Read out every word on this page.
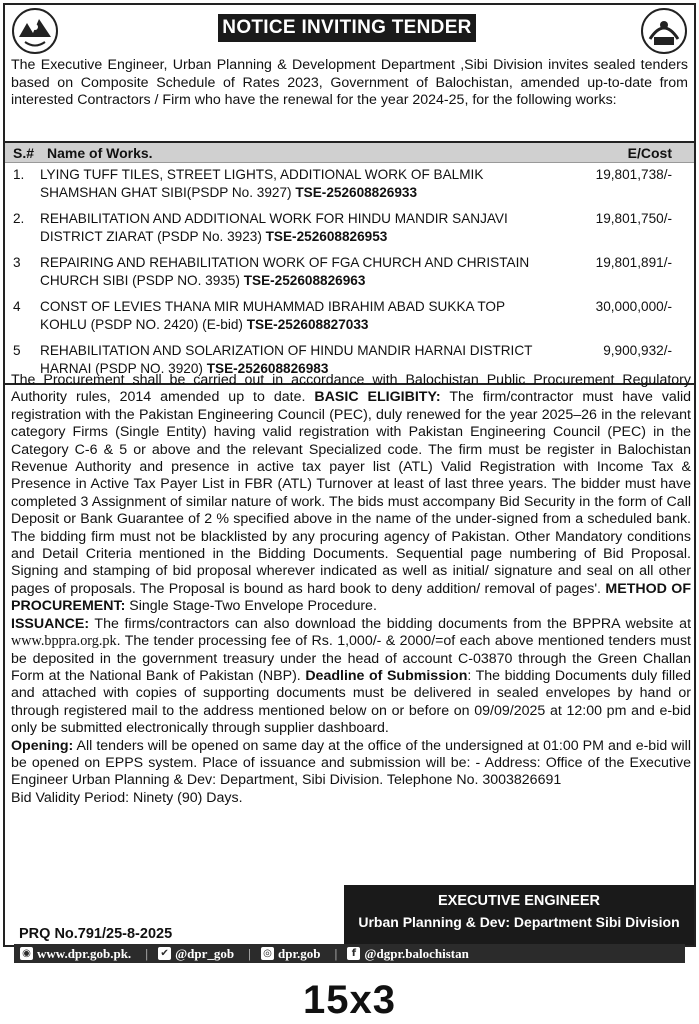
NOTICE INVITING TENDER
The Executive Engineer, Urban Planning & Development Department ,Sibi Division invites sealed tenders based on Composite Schedule of Rates 2023, Government of Balochistan, amended up-to-date from interested Contractors / Firm who have the renewal for the year 2024-25, for the following works:
S.# Name of Works.	E/Cost
1. LYING TUFF TILES, STREET LIGHTS, ADDITIONAL WORK OF BALMIK SHAMSHAN GHAT SIBI(PSDP No. 3927) TSE-252608826933
19,801,738/-
2. REHABILITATION AND ADDITIONAL WORK FOR HINDU MANDIR SANJAVI DISTRICT ZIARAT (PSDP No. 3923) TSE-252608826953
19,801,750/-
3 REPAIRING AND REHABILITATION WORK OF FGA CHURCH AND CHRISTAIN CHURCH SIBI (PSDP NO. 3935) TSE-252608826963
19,801,891/-
4 CONST OF LEVIES THANA MIR MUHAMMAD IBRAHIM ABAD SUKKA TOP KOHLU (PSDP NO. 2420) (E-bid) TSE-252608827033
30,000,000/-
5 REHABILITATION AND SOLARIZATION OF HINDU MANDIR HARNAI DISTRICT HARNAI (PSDP NO. 3920) TSE-252608826983
9,900,932/-
The Procurement shall be carried out in accordance with Balochistan Public Procurement Regulatory Authority rules, 2014 amended up to date. BASIC ELIGIBITY: The firm/contractor must have valid registration with the Pakistan Engineering Council (PEC), duly renewed for the year 2025–26 in the relevant category Firms (Single Entity) having valid registration with Pakistan Engineering Council (PEC) in the Category C-6 & 5 or above and the relevant Specialized code. The firm must be register in Balochistan Revenue Authority and presence in active tax payer list (ATL) Valid Registration with Income Tax & Presence in Active Tax Payer List in FBR (ATL) Turnover at least of last three years. The bidder must have completed 3 Assignment of similar nature of work. The bids must accompany Bid Security in the form of Call Deposit or Bank Guarantee of 2 % specified above in the name of the under-signed from a scheduled bank. The bidding firm must not be blacklisted by any procuring agency of Pakistan. Other Mandatory conditions and Detail Criteria mentioned in the Bidding Documents. Sequential page numbering of Bid Proposal. Signing and stamping of bid proposal wherever indicated as well as initial/ signature and seal on all other pages of proposals. The Proposal is bound as hard book to deny addition/ removal of pages'. METHOD OF PROCUREMENT: Single Stage-Two Envelope Procedure.
ISSUANCE: The firms/contractors can also download the bidding documents from the BPPRA website at www.bppra.org.pk. The tender processing fee of Rs. 1,000/- & 2000/=of each above mentioned tenders must be deposited in the government treasury under the head of account C-03870 through the Green Challan Form at the National Bank of Pakistan (NBP). Deadline of Submission: The bidding Documents duly filled and attached with copies of supporting documents must be delivered in sealed envelopes by hand or through registered mail to the address mentioned below on or before on 09/09/2025 at 12:00 pm and e-bid only be submitted electronically through supplier dashboard.
Opening: All tenders will be opened on same day at the office of the undersigned at 01:00 PM and e-bid will be opened on EPPS system. Place of issuance and submission will be: - Address: Office of the Executive Engineer Urban Planning & Dev: Department, Sibi Division. Telephone No. 3003826691
Bid Validity Period: Ninety (90) Days.
EXECUTIVE ENGINEER
Urban Planning & Dev: Department Sibi Division
PRQ No.791/25-8-2025
◉ www.dpr.gob.pk. | ✔ @dpr_gob | ◎ dpr.gob |	f @dgpr.balochistan
15x3
